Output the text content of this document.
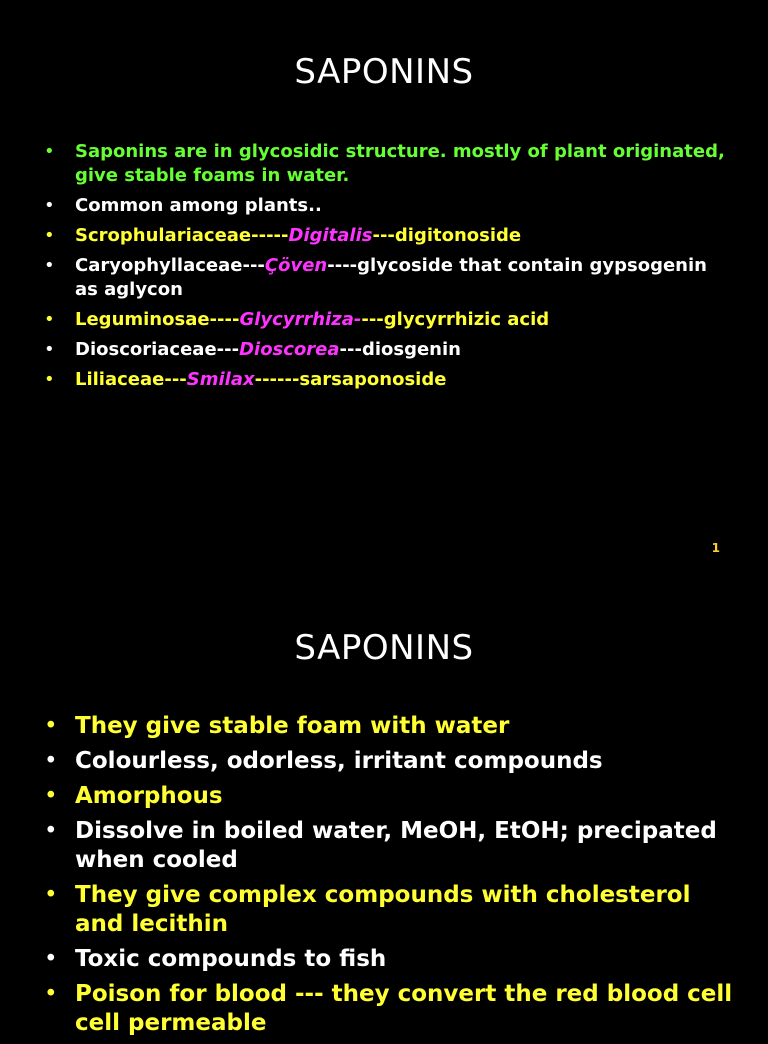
SAPONINS
• Saponins are in glycosidic structure. mostly of plant originated, give stable foams in water.
• Common among plants..
• Scrophulariaceae-----Digitalis---digitonoside
• Caryophyllaceae---Çöven----glycoside that contain gypsogenin as aglycon
• Leguminosae----Glycyrrhiza----glycyrrhizic acid
• Dioscoriaceae---Dioscorea---diosgenin
• Liliaceae---Smilax------sarsaponoside
1
SAPONINS
• They give stable foam with water
• Colourless, odorless, irritant compounds
• Amorphous
• Dissolve in boiled water, MeOH, EtOH; precipated when cooled
• They give complex compounds with cholesterol and lecithin
• Toxic compounds to fish
• Poison for blood --- they convert the red blood cell cell permeable
